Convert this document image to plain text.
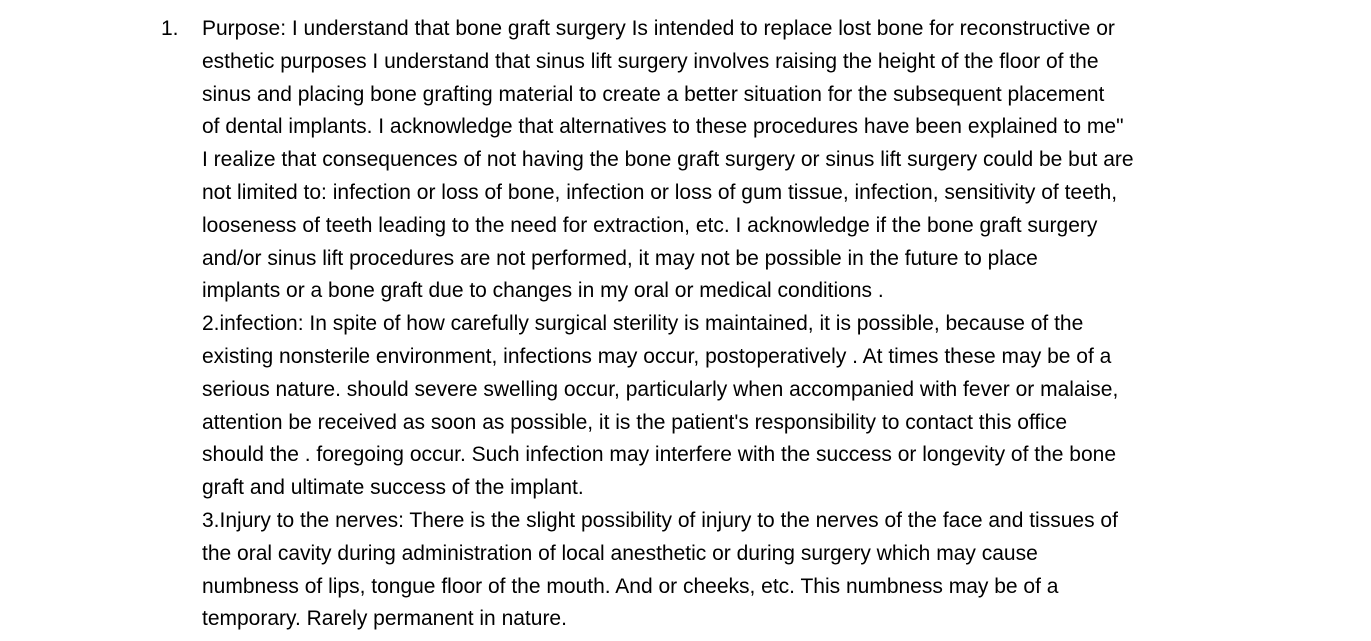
1. Purpose: I understand that bone graft surgery Is intended to replace lost bone for reconstructive or
esthetic purposes I understand that sinus lift surgery involves raising the height of the floor of the
sinus and placing bone grafting material to create a better situation for the subsequent placement
of dental implants. I acknowledge that alternatives to these procedures have been explained to me"
I realize that consequences of not having the bone graft surgery or sinus lift surgery could be but are
not limited to: infection or loss of bone, infection or loss of gum tissue, infection, sensitivity of teeth,
looseness of teeth leading to the need for extraction, etc. I acknowledge if the bone graft surgery
and/or sinus lift procedures are not performed, it may not be possible in the future to place
implants or a bone graft due to changes in my oral or medical conditions .
2.infection: In spite of how carefully surgical sterility is maintained, it is possible, because of the
existing nonsterile environment, infections may occur, postoperatively . At times these may be of a
serious nature. should severe swelling occur, particularly when accompanied with fever or malaise,
attention be received as soon as possible, it is the patient's responsibility to contact this office
should the . foregoing occur. Such infection may interfere with the success or longevity of the bone
graft and ultimate success of the implant.
3.Injury to the nerves: There is the slight possibility of injury to the nerves of the face and tissues of
the oral cavity during administration of local anesthetic or during surgery which may cause
numbness of lips, tongue floor of the mouth. And or cheeks, etc. This numbness may be of a
temporary. Rarely permanent in nature.
